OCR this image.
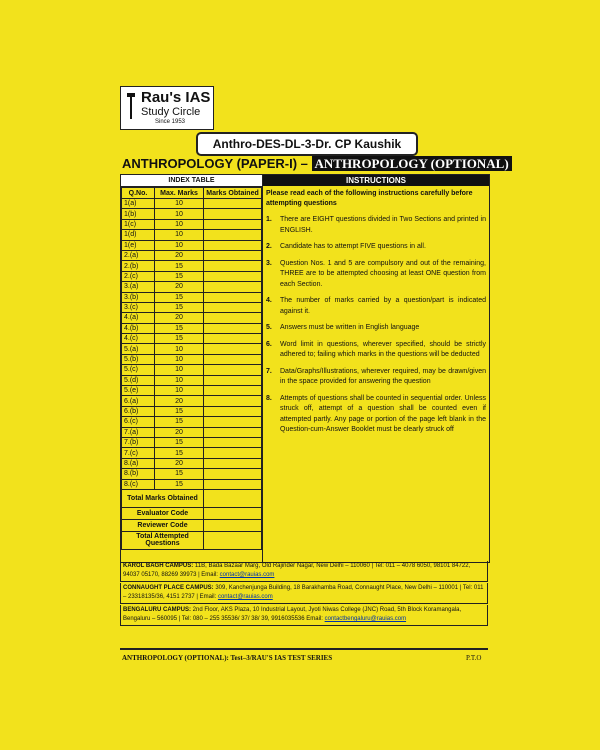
Rau's IAS
Study Circle
Since 1953
Anthro-DES-DL-3-Dr. CP Kaushik
ANTHROPOLOGY (PAPER-I) – ANTHROPOLOGY (OPTIONAL)
INDEX TABLE
Q.No.	Max. Marks	Marks Obtained
1(a)	10	
1(b)	10	
1(c)	10	
1(d)	10	
1(e)	10	
2.(a)	20	
2.(b)	15	
2.(c)	15	
3.(a)	20	
3.(b)	15	
3.(c)	15	
4.(a)	20	
4.(b)	15	
4.(c)	15	
5.(a)	10	
5.(b)	10	
5.(c)	10	
5.(d)	10	
5.(e)	10	
6.(a)	20	
6.(b)	15	
6.(c)	15	
7.(a)	20	
7.(b)	15	
7.(c)	15	
8.(a)	20	
8.(b)	15	
8.(c)	15	
Total Marks Obtained		
Evaluator Code		
Reviewer Code		
Total Attempted Questions		
INSTRUCTIONS
Please read each of the following instructions carefully before attempting questions
1.	There are EIGHT questions divided in Two Sections and printed in ENGLISH.
2.	Candidate has to attempt FIVE questions in all.
3.	Question Nos. 1 and 5 are compulsory and out of the remaining, THREE are to be attempted choosing at least ONE question from each Section.
4.	The number of marks carried by a question/part is indicated against it.
5.	Answers must be written in English language
6.	Word limit in questions, wherever specified, should be strictly adhered to; failing which marks in the questions will be deducted
7.	Data/Graphs/Illustrations, wherever required, may be drawn/given in the space provided for answering the question
8.	Attempts of questions shall be counted in sequential order. Unless struck off, attempt of a question shall be counted even if attempted partly. Any page or portion of the page left blank in the Question-cum-Answer Booklet must be clearly struck off
KAROL BAGH CAMPUS: 11B, Bada Bazaar Marg, Old Rajinder Nagar, New Delhi – 110060 | Tel: 011 – 4078 6050, 98101 84722, 94037 05170, 88269 39973 | Email: contact@rauias.com
CONNAUGHT PLACE CAMPUS: 309, Kanchenjunga Building, 18 Barakhamba Road, Connaught Place, New Delhi – 110001 | Tel: 011 – 23318135/36, 4151 2737 | Email: contact@rauias.com
BENGALURU CAMPUS: 2nd Floor, AKS Plaza, 10 Industrial Layout, Jyoti Niwas College (JNC) Road, 5th Block Koramangala, Bengaluru – 560095 | Tel: 080 – 255 35536/ 37/ 38/ 39, 9916035536 Email: contactbengaluru@rauias.com
ANTHROPOLOGY (OPTIONAL): Test–3/RAU'S IAS TEST SERIES	P.T.O
